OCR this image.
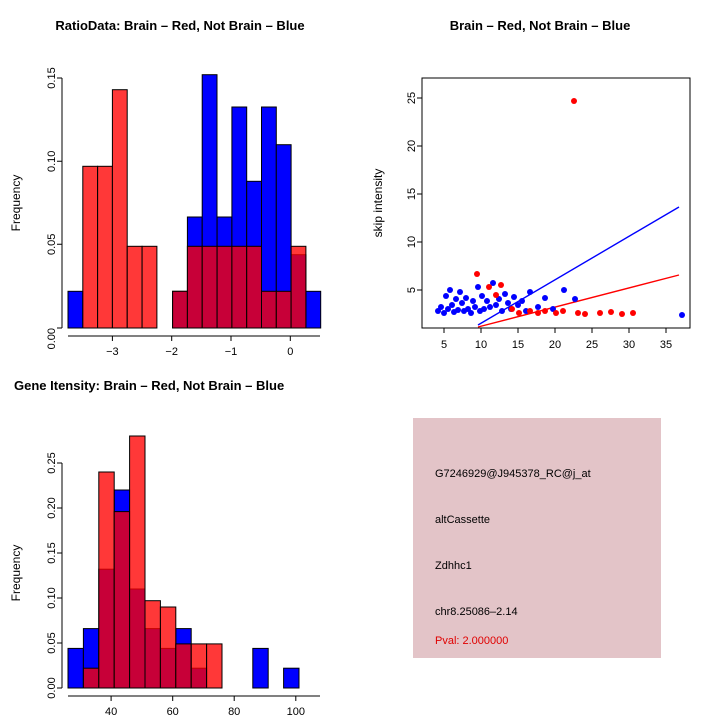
RatioData: Brain – Red, Not Brain – Blue
0.00
0.05
0.10
0.15
−3	−2	−1	0
Frequency
Brain – Red, Not Brain – Blue
5
10
15
20
25
5	10 15 20 25 30 35
skip intensity
Gene Itensity: Brain – Red, Not Brain – Blue
0.00
0.05
0.10
0.15
0.20
0.25
40	60	80	100
Frequency
G7246929@J945378_RC@j_at
altCassette
Zdhhc1
chr8.25086–2.14
Pval: 2.000000
